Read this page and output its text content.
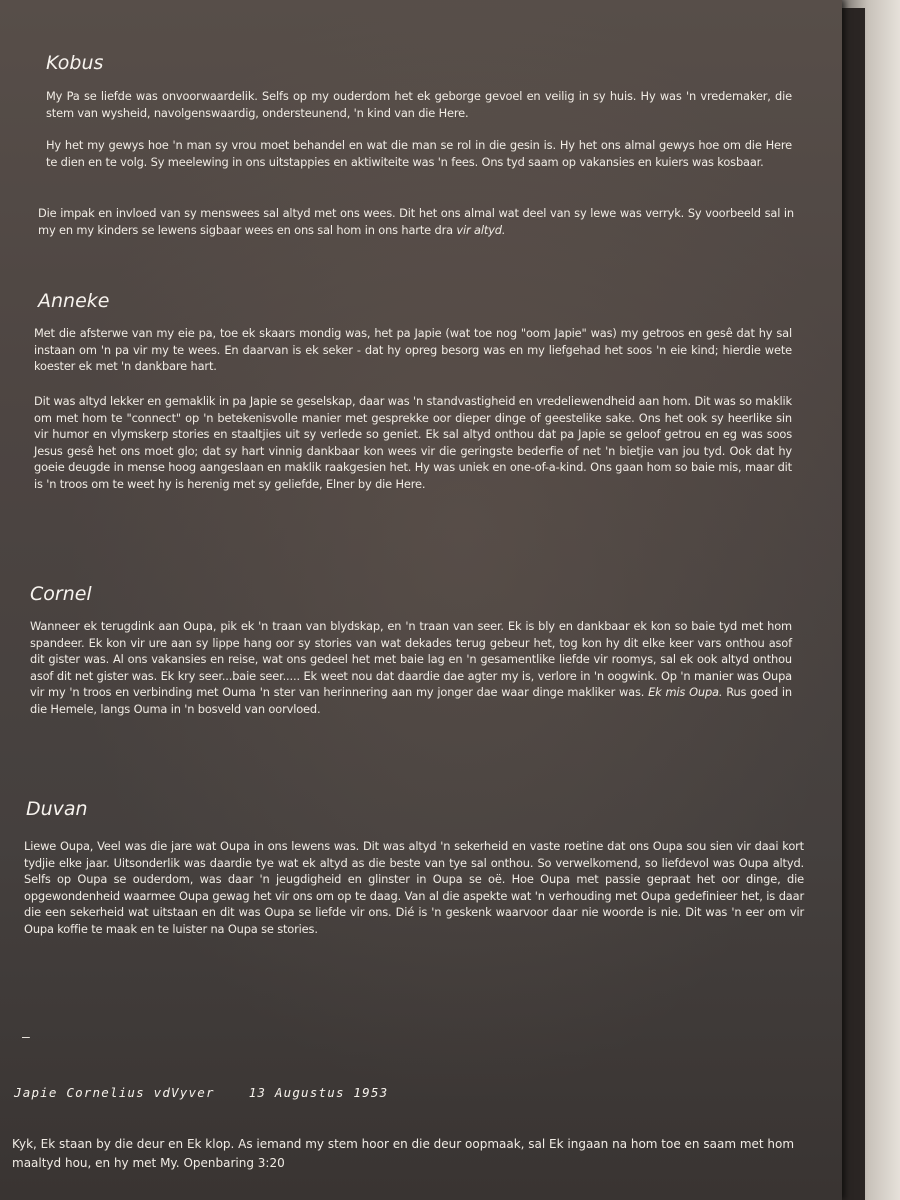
Kobus

My Pa se liefde was onvoorwaardelik. Selfs op my ouderdom het ek geborge gevoel en veilig in sy huis. Hy was 'n vredemaker, die stem van wysheid, navolgenswaardig, ondersteunend, 'n kind van die Here.

Hy het my gewys hoe 'n man sy vrou moet behandel en wat die man se rol in die gesin is. Hy het ons almal gewys hoe om die Here te dien en te volg. Sy meelewing in ons uitstappies en aktiwiteite was 'n fees. Ons tyd saam op vakansies en kuiers was kosbaar.

Die impak en invloed van sy menswees sal altyd met ons wees. Dit het ons almal wat deel van sy lewe was verryk. Sy voorbeeld sal in my en my kinders se lewens sigbaar wees en ons sal hom in ons harte dra vir altyd.

Anneke

Met die afsterwe van my eie pa, toe ek skaars mondig was, het pa Japie (wat toe nog "oom Japie" was) my getroos en gesê dat hy sal instaan om 'n pa vir my te wees. En daarvan is ek seker - dat hy opreg besorg was en my liefgehad het soos 'n eie kind; hierdie wete koester ek met 'n dankbare hart.

Dit was altyd lekker en gemaklik in pa Japie se geselskap, daar was 'n standvastigheid en vredeliewendheid aan hom. Dit was so maklik om met hom te "connect" op 'n betekenisvolle manier met gesprekke oor dieper dinge of geestelike sake. Ons het ook sy heerlike sin vir humor en vlymskerp stories en staaltjies uit sy verlede so geniet. Ek sal altyd onthou dat pa Japie se geloof getrou en eg was soos Jesus gesê het ons moet glo; dat sy hart vinnig dankbaar kon wees vir die geringste bederfie of net 'n bietjie van jou tyd. Ook dat hy goeie deugde in mense hoog aangeslaan en maklik raakgesien het. Hy was uniek en one-of-a-kind. Ons gaan hom so baie mis, maar dit is 'n troos om te weet hy is herenig met sy geliefde, Elner by die Here.

Cornel

Wanneer ek terugdink aan Oupa, pik ek 'n traan van blydskap, en 'n traan van seer. Ek is bly en dankbaar ek kon so baie tyd met hom spandeer. Ek kon vir ure aan sy lippe hang oor sy stories van wat dekades terug gebeur het, tog kon hy dit elke keer vars onthou asof dit gister was. Al ons vakansies en reise, wat ons gedeel het met baie lag en 'n gesamentlike liefde vir roomys, sal ek ook altyd onthou asof dit net gister was. Ek kry seer...baie seer..... Ek weet nou dat daardie dae agter my is, verlore in 'n oogwink. Op 'n manier was Oupa vir my 'n troos en verbinding met Ouma 'n ster van herinnering aan my jonger dae waar dinge makliker was. Ek mis Oupa. Rus goed in die Hemele, langs Ouma in 'n bosveld van oorvloed.

Duvan

Liewe Oupa, Veel was die jare wat Oupa in ons lewens was. Dit was altyd 'n sekerheid en vaste roetine dat ons Oupa sou sien vir daai kort tydjie elke jaar. Uitsonderlik was daardie tye wat ek altyd as die beste van tye sal onthou. So verwelkomend, so liefdevol was Oupa altyd. Selfs op Oupa se ouderdom, was daar 'n jeugdigheid en glinster in Oupa se oë. Hoe Oupa met passie gepraat het oor dinge, die opgewondenheid waarmee Oupa gewag het vir ons om op te daag. Van al die aspekte wat 'n verhouding met Oupa gedefinieer het, is daar die een sekerheid wat uitstaan en dit was Oupa se liefde vir ons. Dié is 'n geskenk waarvoor daar nie woorde is nie. Dit was 'n eer om vir Oupa koffie te maak en te luister na Oupa se stories.

–
Japie Cornelius vdVyver	13 Augustus 1953

Kyk, Ek staan by die deur en Ek klop. As iemand my stem hoor en die deur oopmaak, sal Ek ingaan na hom toe en saam met hom maaltyd hou, en hy met My. Openbaring 3:20
